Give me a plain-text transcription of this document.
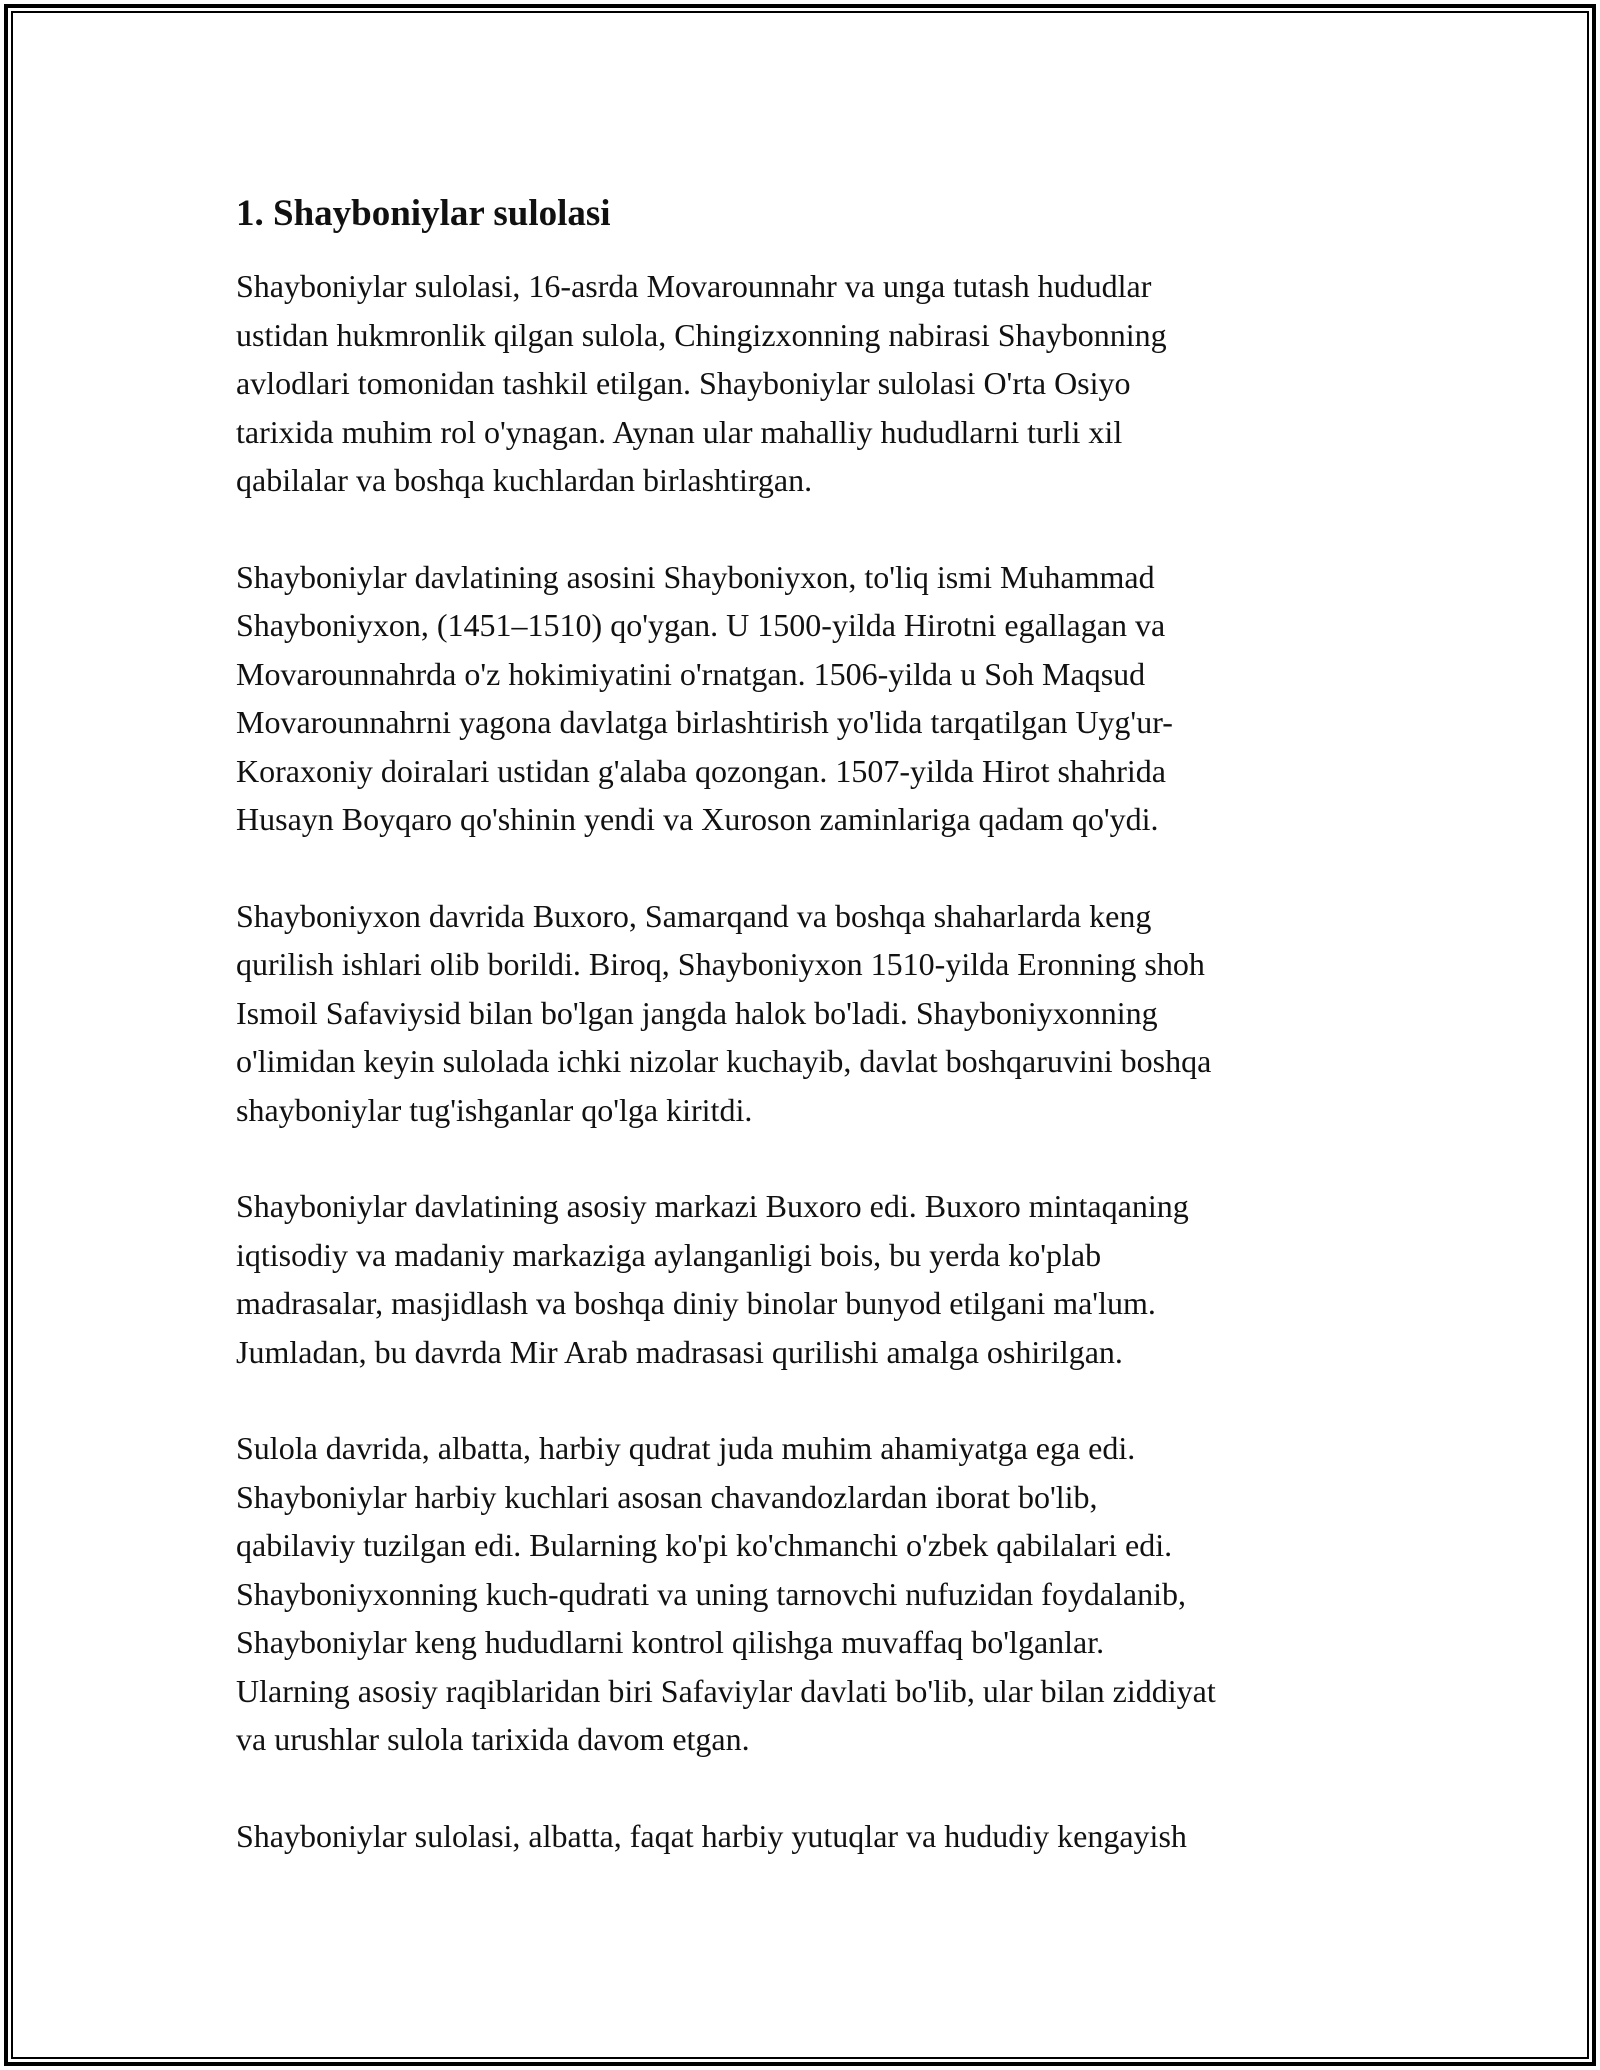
1. Shayboniylar sulolasi

Shayboniylar sulolasi, 16-asrda Movarounnahr va unga tutash hududlar
ustidan hukmronlik qilgan sulola, Chingizxonning nabirasi Shaybonning
avlodlari tomonidan tashkil etilgan. Shayboniylar sulolasi O'rta Osiyo
tarixida muhim rol o'ynagan. Aynan ular mahalliy hududlarni turli xil
qabilalar va boshqa kuchlardan birlashtirgan.

Shayboniylar davlatining asosini Shayboniyxon, to'liq ismi Muhammad
Shayboniyxon, (1451–1510) qo'ygan. U 1500-yilda Hirotni egallagan va
Movarounnahrda o'z hokimiyatini o'rnatgan. 1506-yilda u Soh Maqsud
Movarounnahrni yagona davlatga birlashtirish yo'lida tarqatilgan Uyg'ur-
Koraxoniy doiralari ustidan g'alaba qozongan. 1507-yilda Hirot shahrida
Husayn Boyqaro qo'shinin yendi va Xuroson zaminlariga qadam qo'ydi.

Shayboniyxon davrida Buxoro, Samarqand va boshqa shaharlarda keng
qurilish ishlari olib borildi. Biroq, Shayboniyxon 1510-yilda Eronning shoh
Ismoil Safaviysid bilan bo'lgan jangda halok bo'ladi. Shayboniyxonning
o'limidan keyin sulolada ichki nizolar kuchayib, davlat boshqaruvini boshqa
shayboniylar tug'ishganlar qo'lga kiritdi.

Shayboniylar davlatining asosiy markazi Buxoro edi. Buxoro mintaqaning
iqtisodiy va madaniy markaziga aylanganligi bois, bu yerda ko'plab
madrasalar, masjidlash va boshqa diniy binolar bunyod etilgani ma'lum.
Jumladan, bu davrda Mir Arab madrasasi qurilishi amalga oshirilgan.

Sulola davrida, albatta, harbiy qudrat juda muhim ahamiyatga ega edi.
Shayboniylar harbiy kuchlari asosan chavandozlardan iborat bo'lib,
qabilaviy tuzilgan edi. Bularning ko'pi ko'chmanchi o'zbek qabilalari edi.
Shayboniyxonning kuch-qudrati va uning tarnovchi nufuzidan foydalanib,
Shayboniylar keng hududlarni kontrol qilishga muvaffaq bo'lganlar.
Ularning asosiy raqiblaridan biri Safaviylar davlati bo'lib, ular bilan ziddiyat
va urushlar sulola tarixida davom etgan.

Shayboniylar sulolasi, albatta, faqat harbiy yutuqlar va hududiy kengayish
